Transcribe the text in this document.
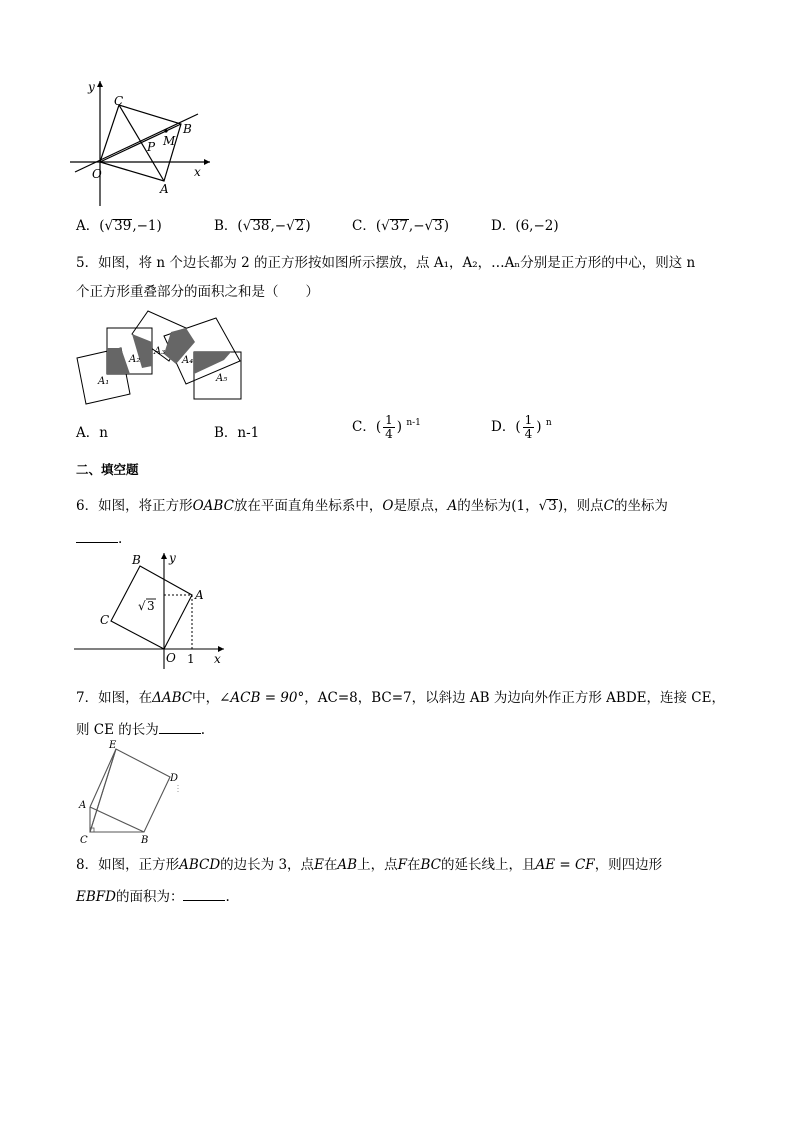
y
x
O
C
B
M
P
A
A．(√39,−1)	B．(√38,−√2)	C．(√37,−√3)	D．(6,−2)
5．如图，将 n 个边长都为 2 的正方形按如图所示摆放，点 A₁，A₂，…Aₙ分别是正方形的中心，则这 n
个正方形重叠部分的面积之和是（　　）
A₁
A₂
A₃
A₄
A₅
A．n	B．n-1	C．( $\frac{1}{4}$ ) $^{n-1}$	D．( $\frac{1}{4}$ ) $^n$
二、填空题
6．如图，将正方形OABC放在平面直角坐标系中，O是原点，A的坐标为(1，√3)，则点C的坐标为
.
B y
A
C
O	x
1
√ 3
7．如图，在ΔABC中，∠ACB = 90°，AC=8，BC=7，以斜边 AB 为边向外作正方形 ABDE，连接 CE，
则 CE 的长为	.
E
D
A
C	B
8．如图，正方形ABCD的边长为 3，点E在AB上，点F在BC的延长线上，且AE = CF，则四边形
EBFD的面积为：	.
